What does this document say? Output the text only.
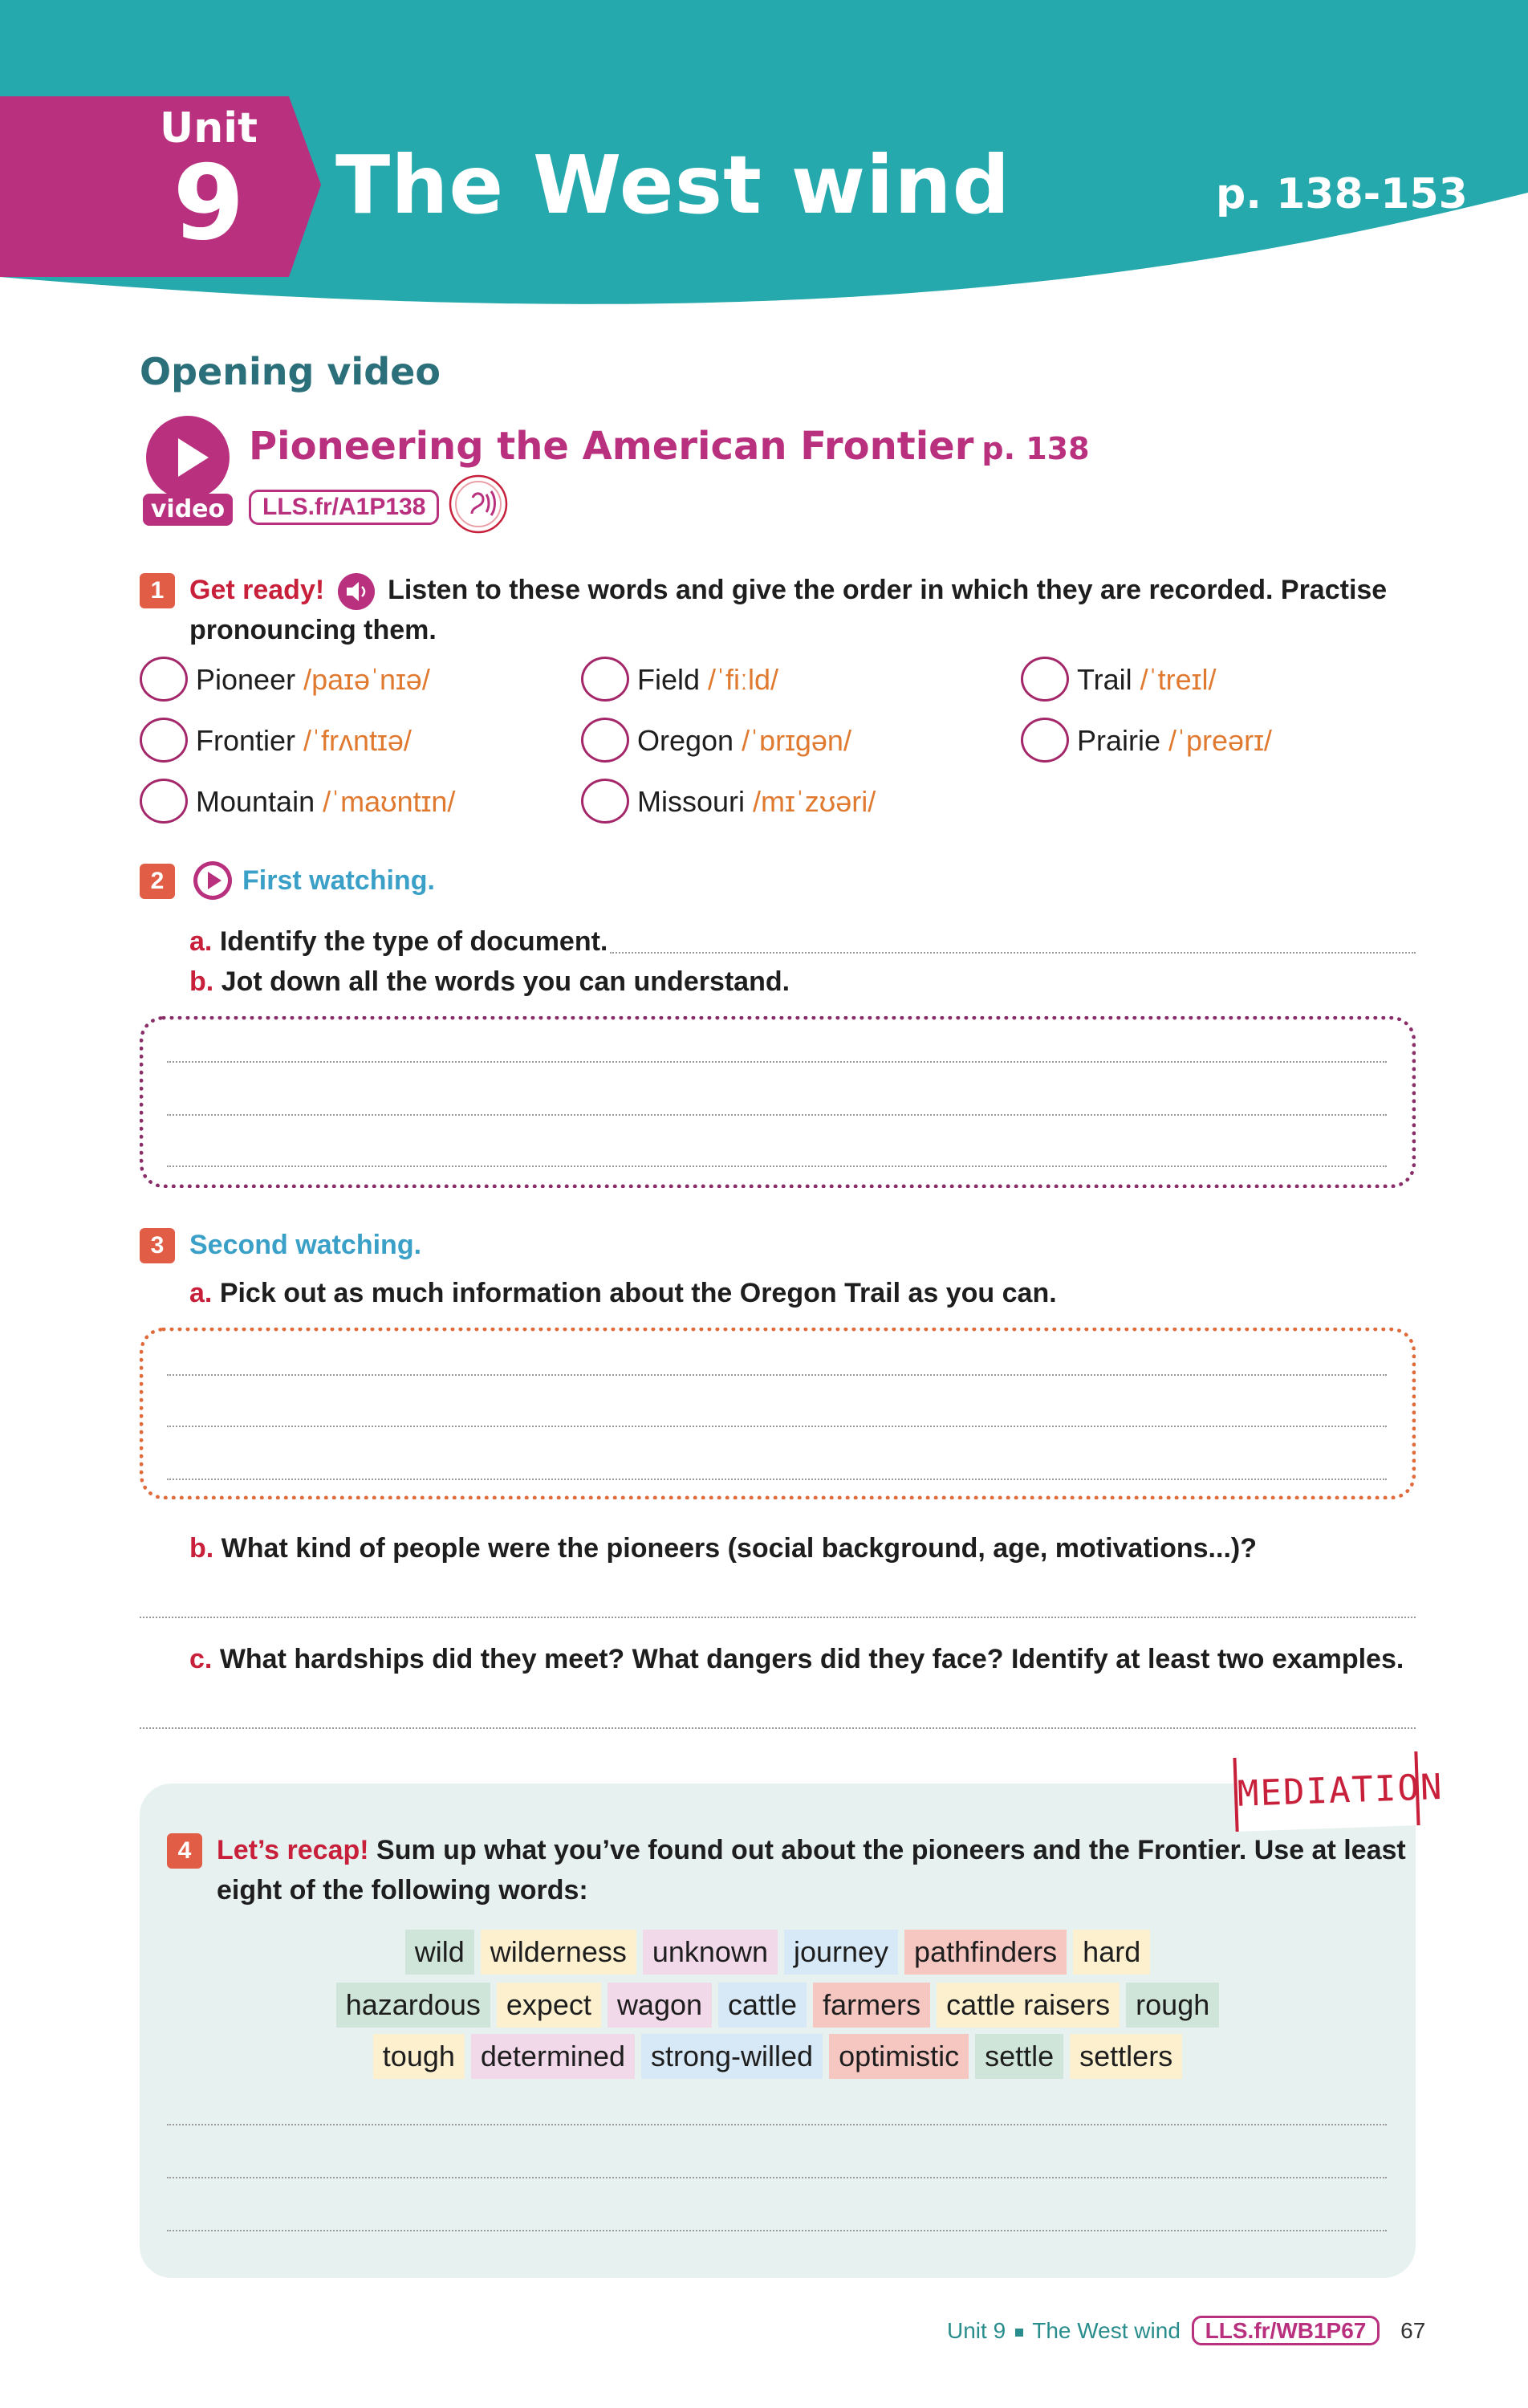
Unit
9	The West wind	p. 138-153
Opening video
video
Pioneering the American Frontier p. 138
LLS.fr/A1P138
1 Get ready! Listen to these words and give the order in which they are recorded. Practise
pronouncing them.
Pioneer /paɪəˈnɪə/	Field /ˈfiːld/	Trail /ˈtreɪl/
Frontier /ˈfrʌntɪə/	Oregon /ˈɒrɪgən/	Prairie /ˈpreərɪ/
Mountain /ˈmaʊntɪn/	Missouri /mɪˈzʊəri/
2	First watching.
a. Identify the type of document.
b. Jot down all the words you can understand.
3 Second watching.
a. Pick out as much information about the Oregon Trail as you can.
b. What kind of people were the pioneers (social background, age, motivations...)?
c. What hardships did they meet? What dangers did they face? Identify at least two examples.
MEDIATION
4 Let’s recap! Sum up what you’ve found out about the pioneers and the Frontier. Use at least
eight of the following words:
wild wilderness unknown journey pathfinders hard
hazardous expect wagon cattle farmers cattle raisers rough
tough determined strong-willed optimistic settle settlers
Unit 9 The West wind LLS.fr/WB1P67 67
